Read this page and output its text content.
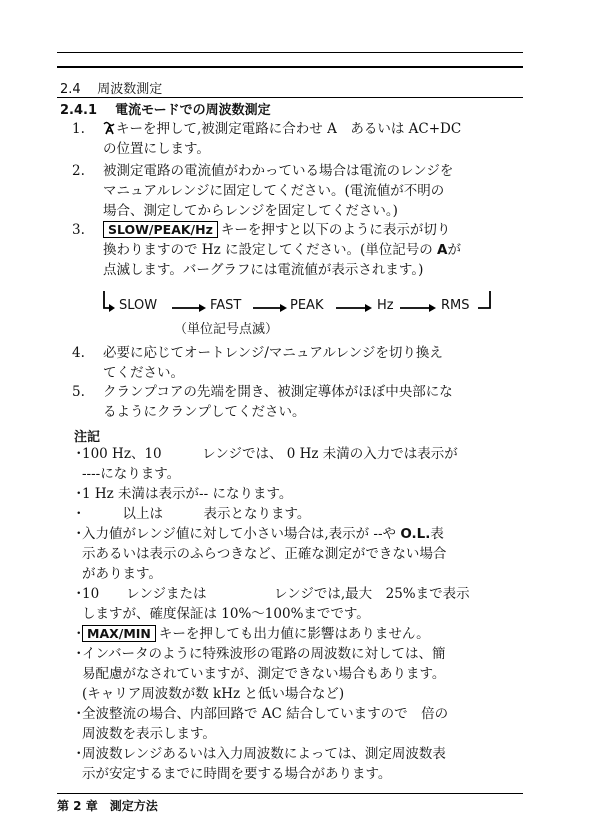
2.4 周波数測定
2.4.1 電流モードでの周波数測定
1.	キーを押して,被測定電路に合わせ A　あるいは AC+DC
の位置にします。
2.	被測定電路の電流値がわかっている場合は電流のレンジを
マニュアルレンジに固定してください。(電流値が不明の
場合、測定してからレンジを固定してください。)
3.	SLOW/PEAK/Hz キーを押すと以下のように表示が切り
換わりますので Hz に設定してください。(単位記号の Aが
点滅します。バーグラフには電流値が表示されます。)
SLOW	FAST	PEAK	Hz	RMS
（単位記号点滅）
4.	必要に応じてオートレンジ/マニュアルレンジを切り換え
てください。
5.	クランプコアの先端を開き、被測定導体がほぼ中央部にな
るようにクランプしてください。
注記
・
100 Hz、10　　　レンジでは、 0 Hz 未満の入力では表示が
----になります。
・
1 Hz 未満は表示が-- になります。
・
　　　以上は　　　表示となります。
・
入力値がレンジ値に対して小さい場合は,表示が --や O.L.表
示あるいは表示のふらつきなど、正確な測定ができない場合
があります。
・
10　　レンジまたは　　　　　レンジでは,最大　25%まで表示
しますが、確度保証は 10%～100%までです。
・ MAX/MIN キーを押しても出力値に影響はありません。
・
インバータのように特殊波形の電路の周波数に対しては、簡
易配慮がなされていますが、測定できない場合もあります。
(キャリア周波数が数 kHz と低い場合など)
・
全波整流の場合、内部回路で AC 結合していますので　倍の
周波数を表示します。
・
周波数レンジあるいは入力周波数によっては、測定周波数表
示が安定するまでに時間を要する場合があります。
第 2 章　測定方法
